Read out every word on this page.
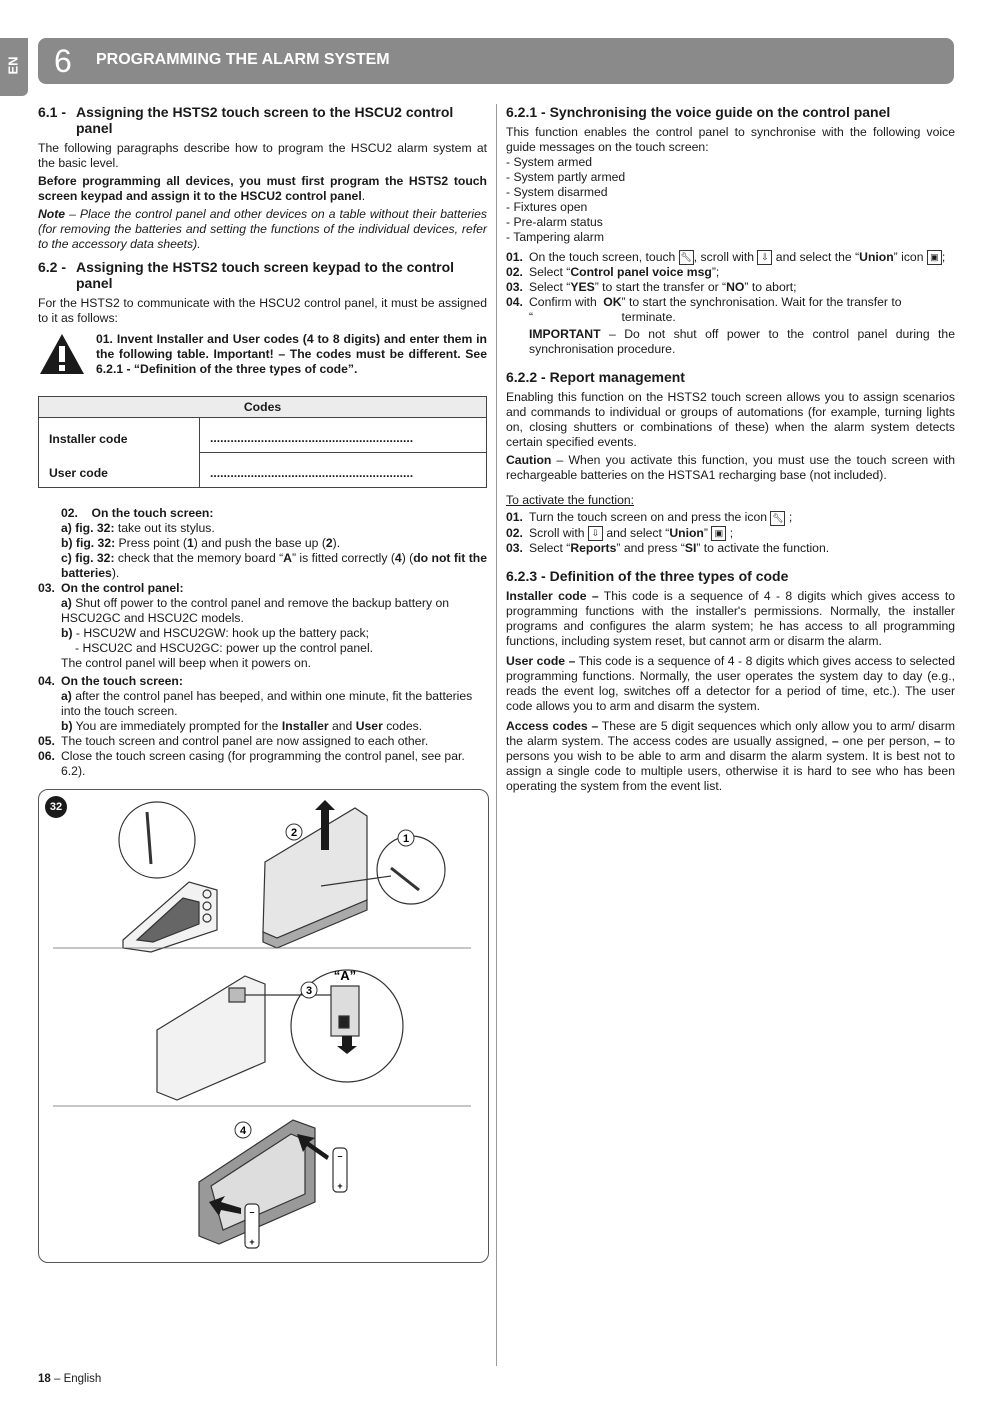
EN 6 PROGRAMMING THE ALARM SYSTEM
6.1 - Assigning the HSTS2 touch screen to the HSCU2 control panel

The following paragraphs describe how to program the HSCU2 alarm system at the basic level.

Before programming all devices, you must first program the HSTS2 touch screen keypad and assign it to the HSCU2 control panel.

Note – Place the control panel and other devices on a table without their batteries (for removing the batteries and setting the functions of the individual devices, refer to the accessory data sheets).

6.2 - Assigning the HSTS2 touch screen keypad to the control panel

For the HSTS2 to communicate with the HSCU2 control panel, it must be assigned to it as follows:

01. Invent Installer and User codes (4 to 8 digits) and enter them in the following table. Important! – The codes must be different. See 6.2.1 - “Definition of the three types of code”.
Codes	
Installer code	............................................................
User code	............................................................
02. On the touch screen:
a) fig. 32: take out its stylus.
b) fig. 32: Press point (1) and push the base up (2).
c) fig. 32: check that the memory board “A” is fitted correctly (4) (do not fit the batteries).
03. On the control panel:
a) Shut off power to the control panel and remove the backup battery on HSCU2GC and HSCU2C models.
b) - HSCU2W and HSCU2GW: hook up the battery pack;
- HSCU2C and HSCU2GC: power up the control panel.
The control panel will beep when it powers on.
04. On the touch screen:
a) after the control panel has beeped, and within one minute, fit the batteries into the touch screen.
b) You are immediately prompted for the Installer and User codes.
05. The touch screen and control panel are now assigned to each other.
06. Close the touch screen casing (for programming the control panel, see par. 6.2).
32
2	1
3
4
“A”
–
+
–
+
6.2.1 - Synchronising the voice guide on the control panel

This function enables the control panel to synchronise with the following voice guide messages on the touch screen:

- System armed
- System partly armed
- System disarmed
- Fixtures open
- Pre-alarm status
- Tampering alarm
01. On the touch screen, touch 🔧︎ , scroll with ⇩ and select the “Union” icon ▣ ;
02. Select “Control panel voice msg”;
03. Select “YES” to start the transfer or “NO” to abort;
04. Confirm with “
OK ” to start the synchronisation. Wait for the transfer to terminate.

IMPORTANT – Do not shut off power to the control panel during the synchronisation procedure.

6.2.2 - Report management

Enabling this function on the HSTS2 touch screen allows you to assign scenarios and commands to individual or groups of automations (for example, turning lights on, closing shutters or combinations of these) when the alarm system detects certain specified events.

Caution – When you activate this function, you must use the touch screen with rechargeable batteries on the HSTSA1 recharging base (not included).

To activate the function:
01. Turn the touch screen on and press the icon 🔧︎ ;
02. Scroll with ⇩ and select “Union” ▣ ;
03. Select “Reports” and press “SI” to activate the function.
6.2.3 - Definition of the three types of code

Installer code – This code is a sequence of 4 - 8 digits which gives access to programming functions with the installer's permissions. Normally, the installer programs and configures the alarm system; he has access to all programming functions, including system reset, but cannot arm or disarm the alarm.

User code – This code is a sequence of 4 - 8 digits which gives access to selected programming functions. Normally, the user operates the system day to day (e.g., reads the event log, switches off a detector for a period of time, etc.). The user code allows you to arm and disarm the system.

Access codes – These are 5 digit sequences which only allow you to arm/ disarm the alarm system. The access codes are usually assigned, – one per person, – to persons you wish to be able to arm and disarm the alarm system. It is best not to assign a single code to multiple users, otherwise it is hard to see who has been operating the system from the event list.

18 – English
